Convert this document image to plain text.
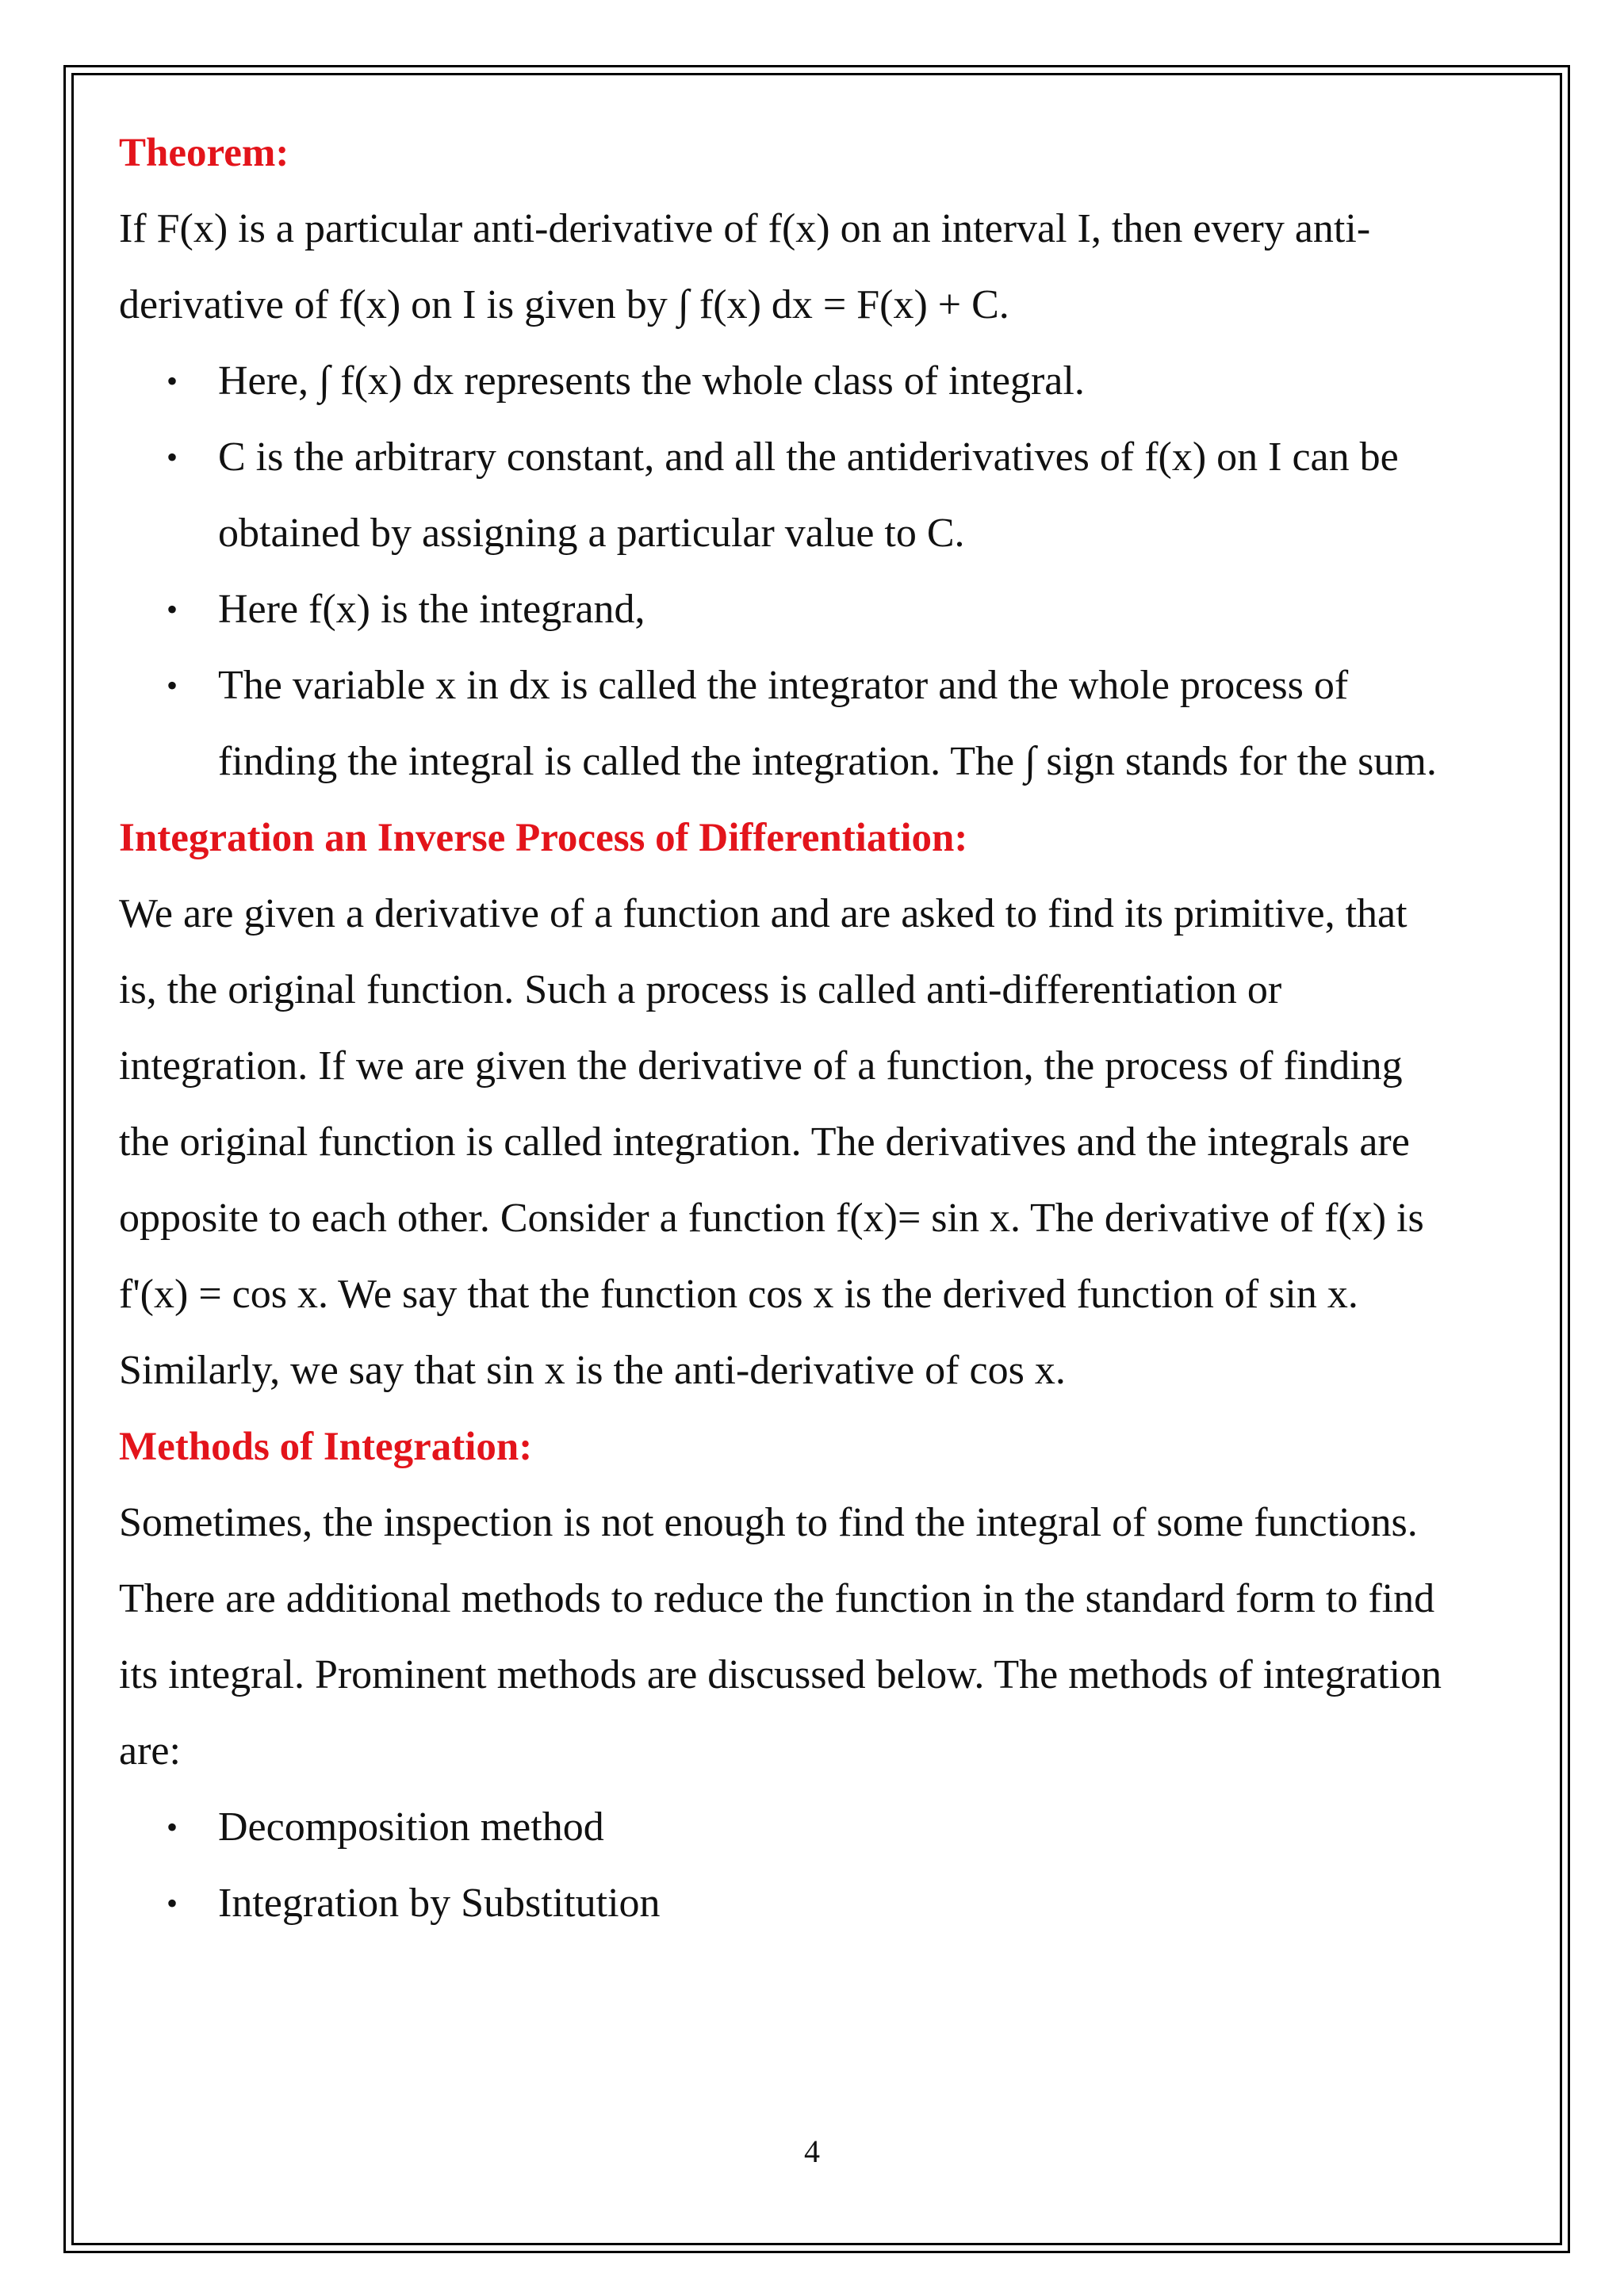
Theorem:

If F(x) is a particular anti-derivative of f(x) on an interval I, then every anti-derivative of f(x) on I is given by ∫ f(x) dx = F(x) + C.

• Here, ∫ f(x) dx represents the whole class of integral.
• C is the arbitrary constant, and all the antiderivatives of f(x) on I can be obtained by assigning a particular value to C.
• Here f(x) is the integrand,
• The variable x in dx is called the integrator and the whole process of finding the integral is called the integration. The ∫ sign stands for the sum.
Integration an Inverse Process of Differentiation:

We are given a derivative of a function and are asked to find its primitive, that is, the original function. Such a process is called anti-differentiation or integration. If we are given the derivative of a function, the process of finding the original function is called integration. The derivatives and the integrals are opposite to each other. Consider a function f(x)= sin x. The derivative of f(x) is f'(x) = cos x. We say that the function cos x is the derived function of sin x. Similarly, we say that sin x is the anti-derivative of cos x.

Methods of Integration:

Sometimes, the inspection is not enough to find the integral of some functions. There are additional methods to reduce the function in the standard form to find its integral. Prominent methods are discussed below. The methods of integration are:

• Decomposition method
• Integration by Substitution
4
